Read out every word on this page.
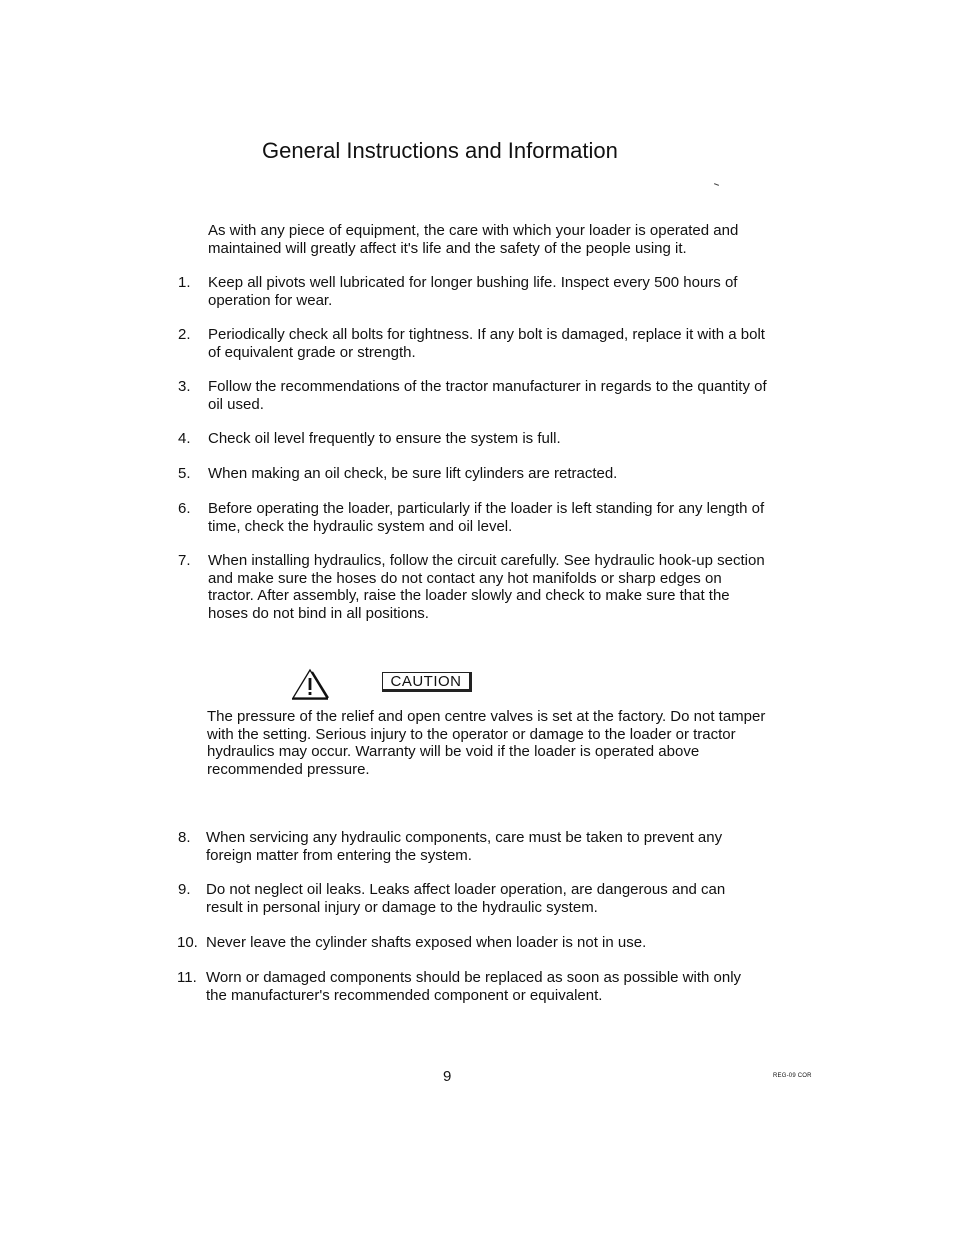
General Instructions and Information
As with any piece of equipment, the care with which your loader is operated and maintained will greatly affect it's life and the safety of the people using it.
1.	Keep all pivots well lubricated for longer bushing life. Inspect every 500 hours of operation for wear.
2.	Periodically check all bolts for tightness. If any bolt is damaged, replace it with a bolt of equivalent grade or strength.
3.	Follow the recommendations of the tractor manufacturer in regards to the quantity of oil used.
4.	Check oil level frequently to ensure the system is full.
5.	When making an oil check, be sure lift cylinders are retracted.
6.	Before operating the loader, particularly if the loader is left standing for any length of time, check the hydraulic system and oil level.
7.	When installing hydraulics, follow the circuit carefully. See hydraulic hook-up section and make sure the hoses do not contact any hot manifolds or sharp edges on tractor. After assembly, raise the loader slowly and check to make sure that the hoses do not bind in all positions.
8.	When servicing any hydraulic components, care must be taken to prevent any foreign matter from entering the system.
9.	Do not neglect oil leaks. Leaks affect loader operation, are dangerous and can result in personal injury or damage to the hydraulic system.
10. Never leave the cylinder shafts exposed when loader is not in use.
11. Worn or damaged components should be replaced as soon as possible with only the manufacturer's recommended component or equivalent.
CAUTION
The pressure of the relief and open centre valves is set at the factory. Do not tamper with the setting. Serious injury to the operator or damage to the loader or tractor hydraulics may occur. Warranty will be void if the loader is operated above recommended pressure.
9	REG-09 COR
